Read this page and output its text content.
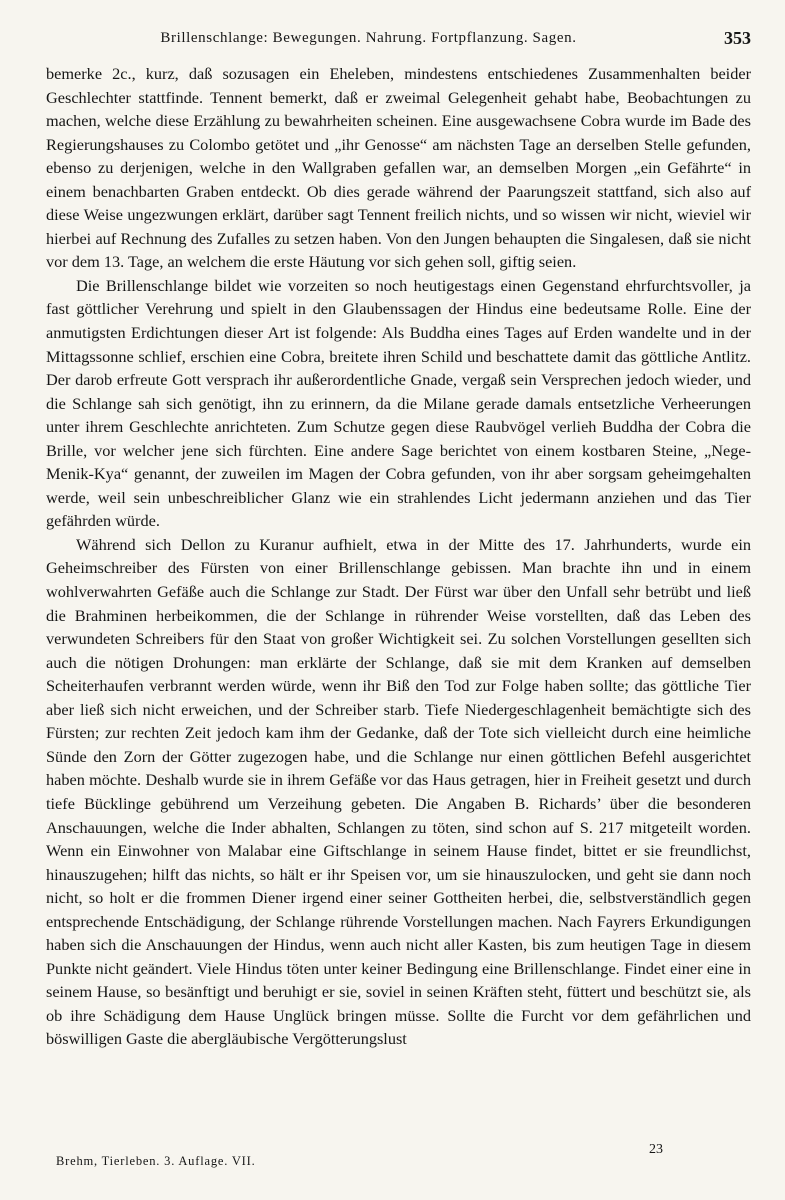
Brillenschlange: Bewegungen. Nahrung. Fortpflanzung. Sagen.	353

bemerke 2c., kurz, daß sozusagen ein Eheleben, mindestens entschiedenes Zusammenhalten beider Geschlechter stattfinde. Tennent bemerkt, daß er zweimal Gelegenheit gehabt habe, Beobachtungen zu machen, welche diese Erzählung zu bewahrheiten scheinen. Eine ausgewachsene Cobra wurde im Bade des Regierungshauses zu Colombo getötet und „ihr Genosse“ am nächsten Tage an derselben Stelle gefunden, ebenso zu derjenigen, welche in den Wallgraben gefallen war, an demselben Morgen „ein Gefährte“ in einem benachbarten Graben entdeckt. Ob dies gerade während der Paarungszeit stattfand, sich also auf diese Weise ungezwungen erklärt, darüber sagt Tennent freilich nichts, und so wissen wir nicht, wieviel wir hierbei auf Rechnung des Zufalles zu setzen haben. Von den Jungen behaupten die Singalesen, daß sie nicht vor dem 13. Tage, an welchem die erste Häutung vor sich gehen soll, giftig seien.

Die Brillenschlange bildet wie vorzeiten so noch heutigestags einen Gegenstand ehrfurchtsvoller, ja fast göttlicher Verehrung und spielt in den Glaubenssagen der Hindus eine bedeutsame Rolle. Eine der anmutigsten Erdichtungen dieser Art ist folgende: Als Buddha eines Tages auf Erden wandelte und in der Mittagssonne schlief, erschien eine Cobra, breitete ihren Schild und beschattete damit das göttliche Antlitz. Der darob erfreute Gott versprach ihr außerordentliche Gnade, vergaß sein Versprechen jedoch wieder, und die Schlange sah sich genötigt, ihn zu erinnern, da die Milane gerade damals entsetzliche Verheerungen unter ihrem Geschlechte anrichteten. Zum Schutze gegen diese Raubvögel verlieh Buddha der Cobra die Brille, vor welcher jene sich fürchten. Eine andere Sage berichtet von einem kostbaren Steine, „Nege-Menik-Kya“ genannt, der zuweilen im Magen der Cobra gefunden, von ihr aber sorgsam geheimgehalten werde, weil sein unbeschreiblicher Glanz wie ein strahlendes Licht jedermann anziehen und das Tier gefährden würde.

Während sich Dellon zu Kuranur aufhielt, etwa in der Mitte des 17. Jahrhunderts, wurde ein Geheimschreiber des Fürsten von einer Brillenschlange gebissen. Man brachte ihn und in einem wohlverwahrten Gefäße auch die Schlange zur Stadt. Der Fürst war über den Unfall sehr betrübt und ließ die Brahminen herbeikommen, die der Schlange in rührender Weise vorstellten, daß das Leben des verwundeten Schreibers für den Staat von großer Wichtigkeit sei. Zu solchen Vorstellungen gesellten sich auch die nötigen Drohungen: man erklärte der Schlange, daß sie mit dem Kranken auf demselben Scheiterhaufen verbrannt werden würde, wenn ihr Biß den Tod zur Folge haben sollte; das göttliche Tier aber ließ sich nicht erweichen, und der Schreiber starb. Tiefe Niedergeschlagenheit bemächtigte sich des Fürsten; zur rechten Zeit jedoch kam ihm der Gedanke, daß der Tote sich vielleicht durch eine heimliche Sünde den Zorn der Götter zugezogen habe, und die Schlange nur einen göttlichen Befehl ausgerichtet haben möchte. Deshalb wurde sie in ihrem Gefäße vor das Haus getragen, hier in Freiheit gesetzt und durch tiefe Bücklinge gebührend um Verzeihung gebeten. Die Angaben B. Richards’ über die besonderen Anschauungen, welche die Inder abhalten, Schlangen zu töten, sind schon auf S. 217 mitgeteilt worden. Wenn ein Einwohner von Malabar eine Giftschlange in seinem Hause findet, bittet er sie freundlichst, hinauszugehen; hilft das nichts, so hält er ihr Speisen vor, um sie hinauszulocken, und geht sie dann noch nicht, so holt er die frommen Diener irgend einer seiner Gottheiten herbei, die, selbstverständlich gegen entsprechende Entschädigung, der Schlange rührende Vorstellungen machen. Nach Fayrers Erkundigungen haben sich die Anschauungen der Hindus, wenn auch nicht aller Kasten, bis zum heutigen Tage in diesem Punkte nicht geändert. Viele Hindus töten unter keiner Bedingung eine Brillenschlange. Findet einer eine in seinem Hause, so besänftigt und beruhigt er sie, soviel in seinen Kräften steht, füttert und beschützt sie, als ob ihre Schädigung dem Hause Unglück bringen müsse. Sollte die Furcht vor dem gefährlichen und böswilligen Gaste die abergläubische Vergötterungslust

Brehm, Tierleben. 3. Auflage. VII.
23
